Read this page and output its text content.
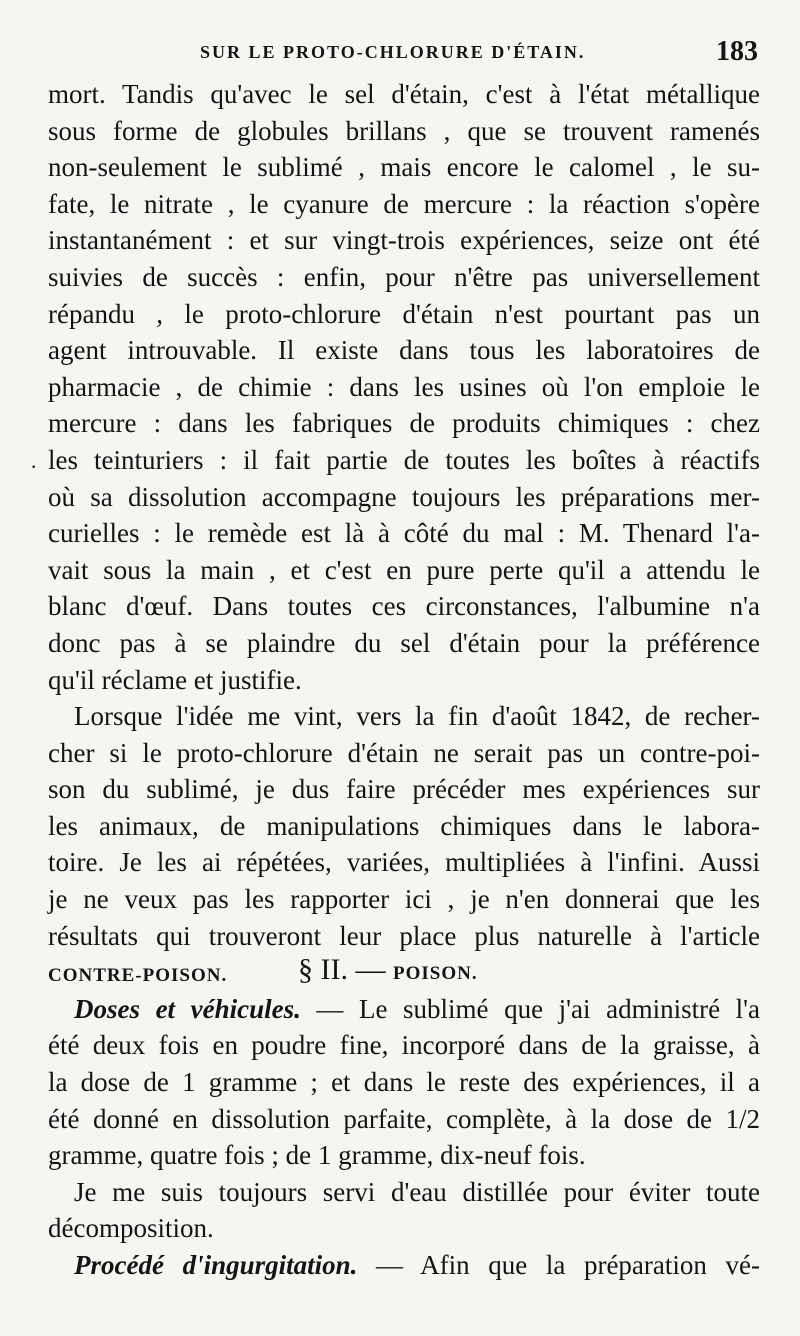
SUR LE PROTO-CHLORURE D'ÉTAIN.	183
·
mort. Tandis qu'avec le sel d'étain, c'est à l'état métallique
sous forme de globules brillans , que se trouvent ramenés
non-seulement le sublimé , mais encore le calomel , le su-
fate, le nitrate , le cyanure de mercure : la réaction s'opère
instantanément : et sur vingt-trois expériences, seize ont été
suivies de succès : enfin, pour n'être pas universellement
répandu , le proto-chlorure d'étain n'est pourtant pas un
agent introuvable. Il existe dans tous les laboratoires de
pharmacie , de chimie : dans les usines où l'on emploie le
mercure : dans les fabriques de produits chimiques : chez
les teinturiers : il fait partie de toutes les boîtes à réactifs
où sa dissolution accompagne toujours les préparations mer-
curielles : le remède est là à côté du mal : M. Thenard l'a-
vait sous la main , et c'est en pure perte qu'il a attendu le
blanc d'œuf. Dans toutes ces circonstances, l'albumine n'a
donc pas à se plaindre du sel d'étain pour la préférence
qu'il réclame et justifie.
Lorsque l'idée me vint, vers la fin d'août 1842, de recher-
cher si le proto-chlorure d'étain ne serait pas un contre-poi-
son du sublimé, je dus faire précéder mes expériences sur
les animaux, de manipulations chimiques dans le labora-
toire. Je les ai répétées, variées, multipliées à l'infini. Aussi
je ne veux pas les rapporter ici , je n'en donnerai que les
résultats qui trouveront leur place plus naturelle à l'article
CONTRE-POISON. § II. — POISON.
Doses et véhicules. — Le sublimé que j'ai administré l'a
été deux fois en poudre fine, incorporé dans de la graisse, à
la dose de 1 gramme ; et dans le reste des expériences, il a
été donné en dissolution parfaite, complète, à la dose de 1/2
gramme, quatre fois ; de 1 gramme, dix-neuf fois.
Je me suis toujours servi d'eau distillée pour éviter toute
décomposition.
Procédé d'ingurgitation. — Afin que la préparation vé-
